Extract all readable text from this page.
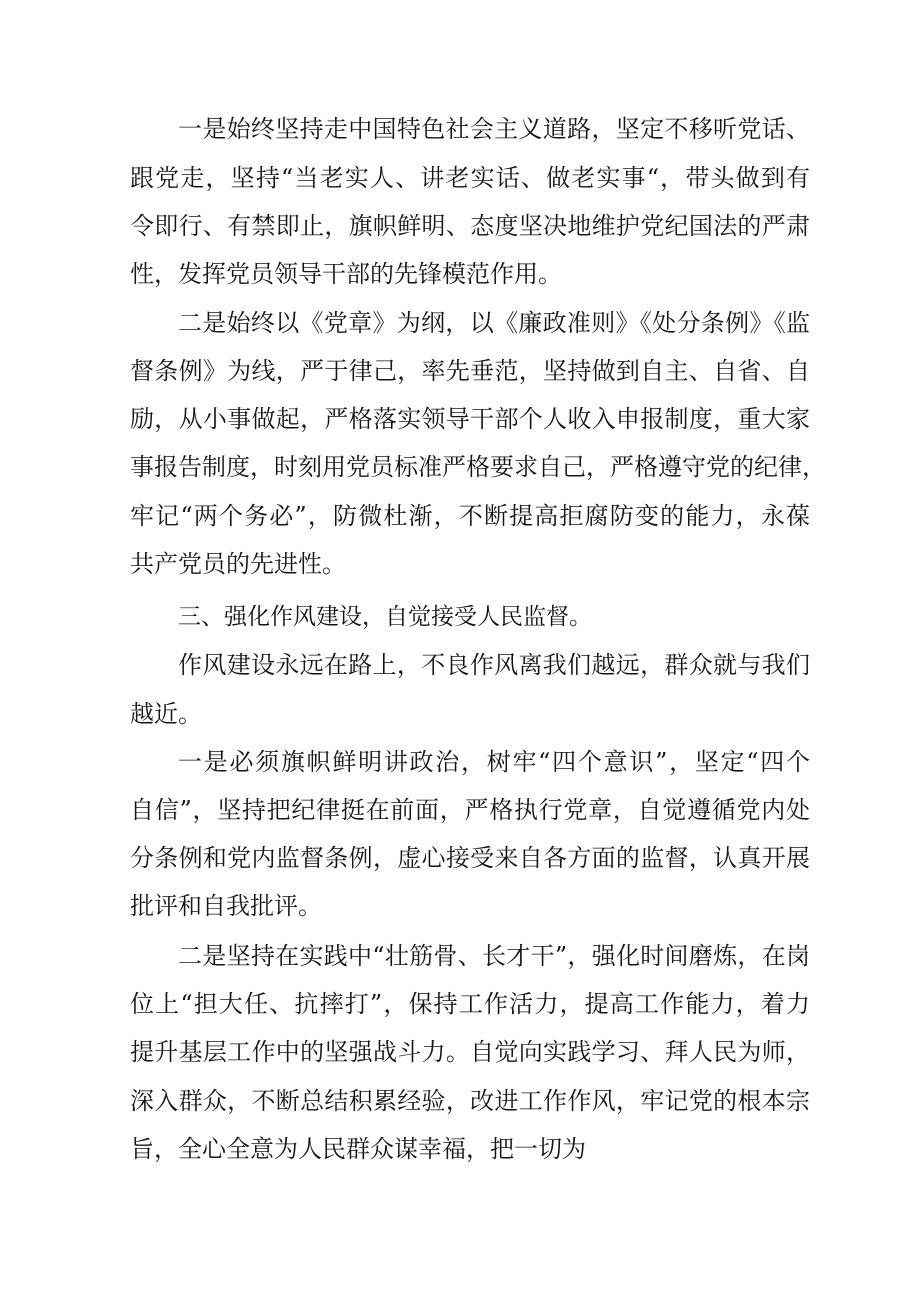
一是始终坚持走中国特色社会主义道路，坚定不移听党话、
跟党走，坚持“当老实人、讲老实话、做老实事“，带头做到有
令即行、有禁即止，旗帜鲜明、态度坚决地维护党纪国法的严肃
性，发挥党员领导干部的先锋模范作用。
二是始终以《党章》为纲，以《廉政准则》《处分条例》《监
督条例》为线，严于律己，率先垂范，坚持做到自主、自省、自
励，从小事做起，严格落实领导干部个人收入申报制度，重大家
事报告制度，时刻用党员标准严格要求自己，严格遵守党的纪律，
牢记“两个务必”，防微杜渐，不断提高拒腐防变的能力，永葆
共产党员的先进性。
三、强化作风建设，自觉接受人民监督。
作风建设永远在路上，不良作风离我们越远，群众就与我们
越近。
一是必须旗帜鲜明讲政治，树牢“四个意识”，坚定“四个
自信”，坚持把纪律挺在前面，严格执行党章，自觉遵循党内处
分条例和党内监督条例，虚心接受来自各方面的监督，认真开展
批评和自我批评。
二是坚持在实践中“壮筋骨、长才干”，强化时间磨炼，在岗
位上“担大任、抗摔打”，保持工作活力，提高工作能力，着力
提升基层工作中的坚强战斗力。自觉向实践学习、拜人民为师，
深入群众，不断总结积累经验，改进工作作风，牢记党的根本宗
旨，全心全意为人民群众谋幸福，把一切为
